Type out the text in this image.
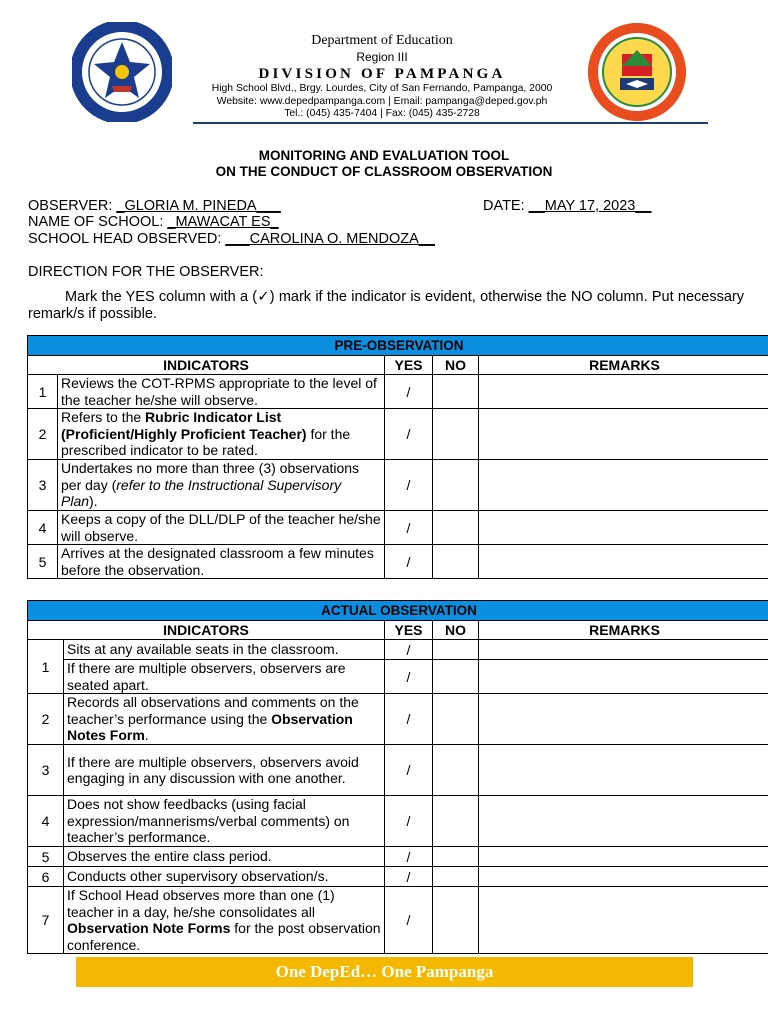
Department of Education
Region III
DIVISION OF PAMPANGA
High School Blvd., Brgy. Lourdes, City of San Fernando, Pampanga, 2000
Website: www.depedpampanga.com | Email: pampanga@deped.gov.ph
Tel.: (045) 435-7404 | Fax: (045) 435-2728
MONITORING AND EVALUATION TOOL
ON THE CONDUCT OF CLASSROOM OBSERVATION
OBSERVER: _GLORIA M. PINEDA___	DATE: __MAY 17, 2023__
NAME OF SCHOOL: _MAWACAT ES_
SCHOOL HEAD OBSERVED: ___CAROLINA O. MENDOZA__
DIRECTION FOR THE OBSERVER:
Mark the YES column with a (✓) mark if the indicator is evident, otherwise the NO column. Put necessary remark/s if possible.
PRE-OBSERVATION				
INDICATORS		YES	NO	REMARKS
1	Reviews the COT-RPMS appropriate to the level of the teacher he/she will observe.	/		
2	Refers to the Rubric Indicator List (Proficient/Highly Proficient Teacher) for the prescribed indicator to be rated.	/		
3	Undertakes no more than three (3) observations per day (refer to the Instructional Supervisory Plan).	/		
4	Keeps a copy of the DLL/DLP of the teacher he/she will observe.	/		
5	Arrives at the designated classroom a few minutes before the observation.	/		
ACTUAL OBSERVATION				
INDICATORS		YES	NO	REMARKS
1	Sits at any available seats in the classroom.	/		
	If there are multiple observers, observers are seated apart.	/		
2	Records all observations and comments on the teacher’s performance using the Observation Notes Form.	/		
3	If there are multiple observers, observers avoid engaging in any discussion with one another.	/		
4	Does not show feedbacks (using facial expression/mannerisms/verbal comments) on teacher’s performance.	/		
5	Observes the entire class period.	/		
6	Conducts other supervisory observation/s.	/		
7	If School Head observes more than one (1) teacher in a day, he/she consolidates all Observation Note Forms for the post observation conference.	/		
One DepEd… One Pampanga
